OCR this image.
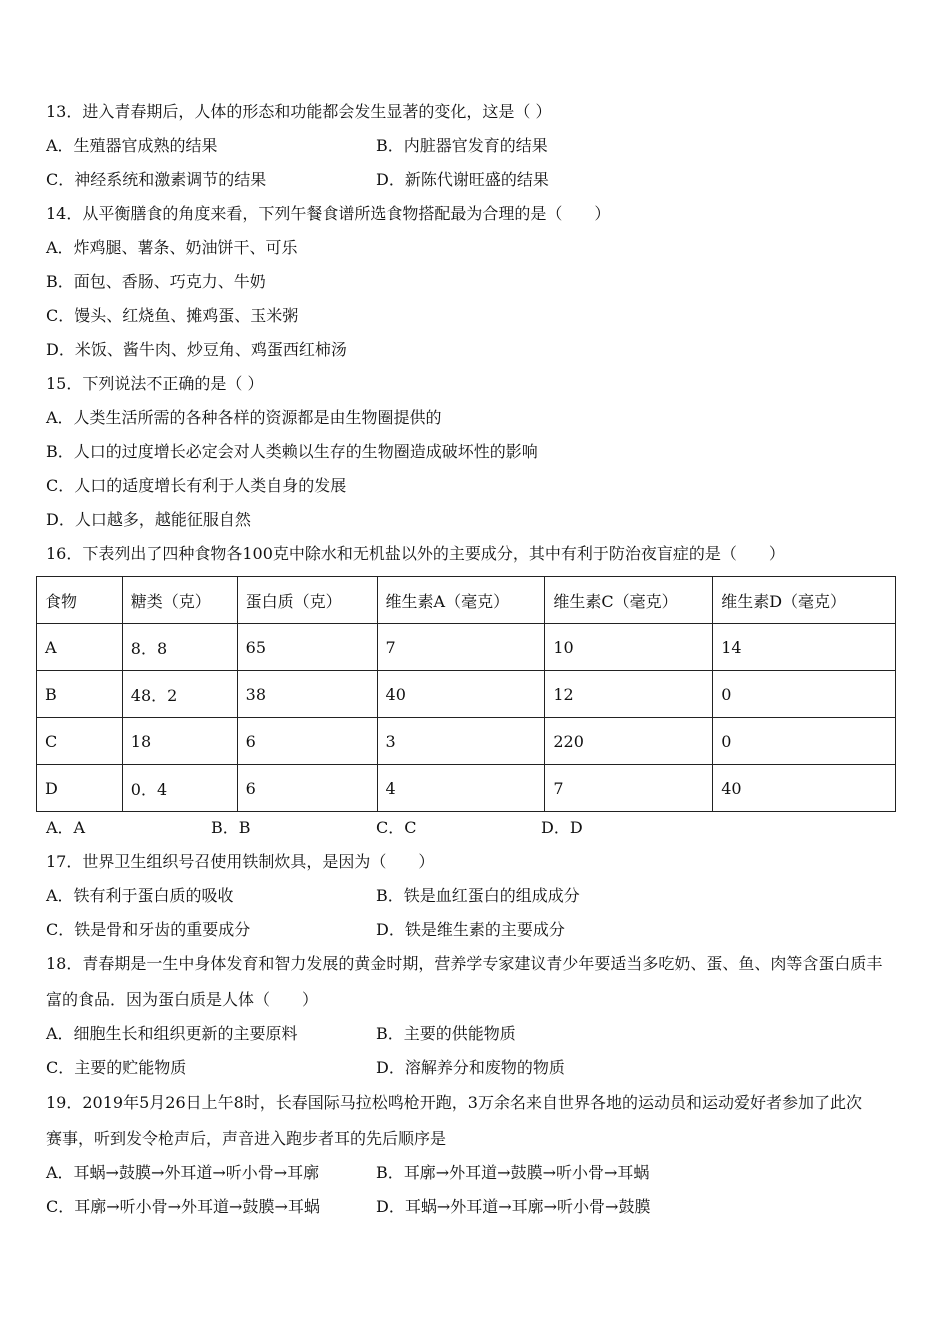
13．进入青春期后，人体的形态和功能都会发生显著的变化，这是（ ）
A．生殖器官成熟的结果	B．内脏器官发育的结果
C．神经系统和激素调节的结果	D．新陈代谢旺盛的结果
14．从平衡膳食的角度来看，下列午餐食谱所选食物搭配最为合理的是（　　）
A．炸鸡腿、薯条、奶油饼干、可乐
B．面包、香肠、巧克力、牛奶
C．馒头、红烧鱼、摊鸡蛋、玉米粥
D．米饭、酱牛肉、炒豆角、鸡蛋西红柿汤
15．下列说法不正确的是（ ）
A．人类生活所需的各种各样的资源都是由生物圈提供的
B．人口的过度增长必定会对人类赖以生存的生物圈造成破坏性的影响
C．人口的适度增长有利于人类自身的发展
D．人口越多，越能征服自然
16．下表列出了四种食物各100克中除水和无机盐以外的主要成分，其中有利于防治夜盲症的是（　　）
食物	糖类（克）	蛋白质（克）	维生素A（毫克）	维生素C（毫克）	维生素D（毫克）
A	8．8	65	7	10	14
B	48．2	38	40	12	0
C	18	6	3	220	0
D	0．4	6	4	7	40
A．A	B．B	C．C	D．D
17．世界卫生组织号召使用铁制炊具，是因为（　　）
A．铁有利于蛋白质的吸收	B．铁是血红蛋白的组成成分
C．铁是骨和牙齿的重要成分	D．铁是维生素的主要成分
18．青春期是一生中身体发育和智力发展的黄金时期，营养学专家建议青少年要适当多吃奶、蛋、鱼、肉等含蛋白质丰
富的食品．因为蛋白质是人体（　　）
A．细胞生长和组织更新的主要原料	B．主要的供能物质
C．主要的贮能物质	D．溶解养分和废物的物质
19．2019年5月26日上午8时，长春国际马拉松鸣枪开跑，3万余名来自世界各地的运动员和运动爱好者参加了此次
赛事，听到发令枪声后，声音进入跑步者耳的先后顺序是
A．耳蜗→鼓膜→外耳道→听小骨→耳廓	B．耳廓→外耳道→鼓膜→听小骨→耳蜗
C．耳廓→听小骨→外耳道→鼓膜→耳蜗	D．耳蜗→外耳道→耳廓→听小骨→鼓膜
